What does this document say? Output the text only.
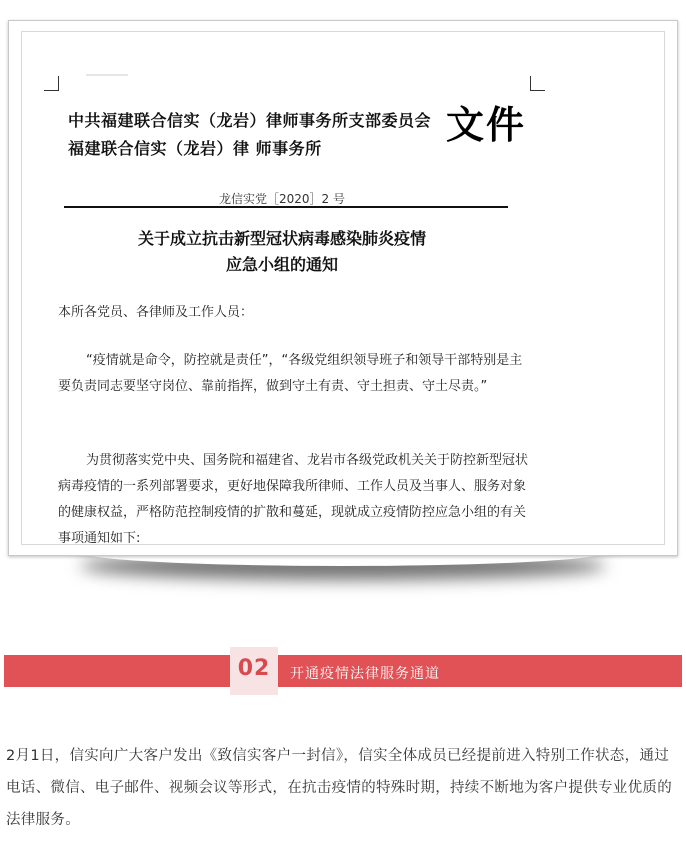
中共福建联合信实（龙岩）律师事务所支部委员会
福建联合信实（龙岩）律 师事务所
文件
龙信实党［2020］2 号
关于成立抗击新型冠状病毒感染肺炎疫情
应急小组的通知
本所各党员、各律师及工作人员：
“疫情就是命令，防控就是责任”，“各级党组织领导班子和领导干部特别是主要负责同志要坚守岗位、靠前指挥，做到守土有责、守土担责、守土尽责。”
为贯彻落实党中央、国务院和福建省、龙岩市各级党政机关关于防控新型冠状病毒疫情的一系列部署要求，更好地保障我所律师、工作人员及当事人、服务对象的健康权益，严格防范控制疫情的扩散和蔓延，现就成立疫情防控应急小组的有关事项通知如下:
02	开通疫情法律服务通道
2月1日，信实向广大客户发出《致信实客户一封信》，信实全体成员已经提前进入特别工作状态，通过电话、微信、电子邮件、视频会议等形式，在抗击疫情的特殊时期，持续不断地为客户提供专业优质的法律服务。
